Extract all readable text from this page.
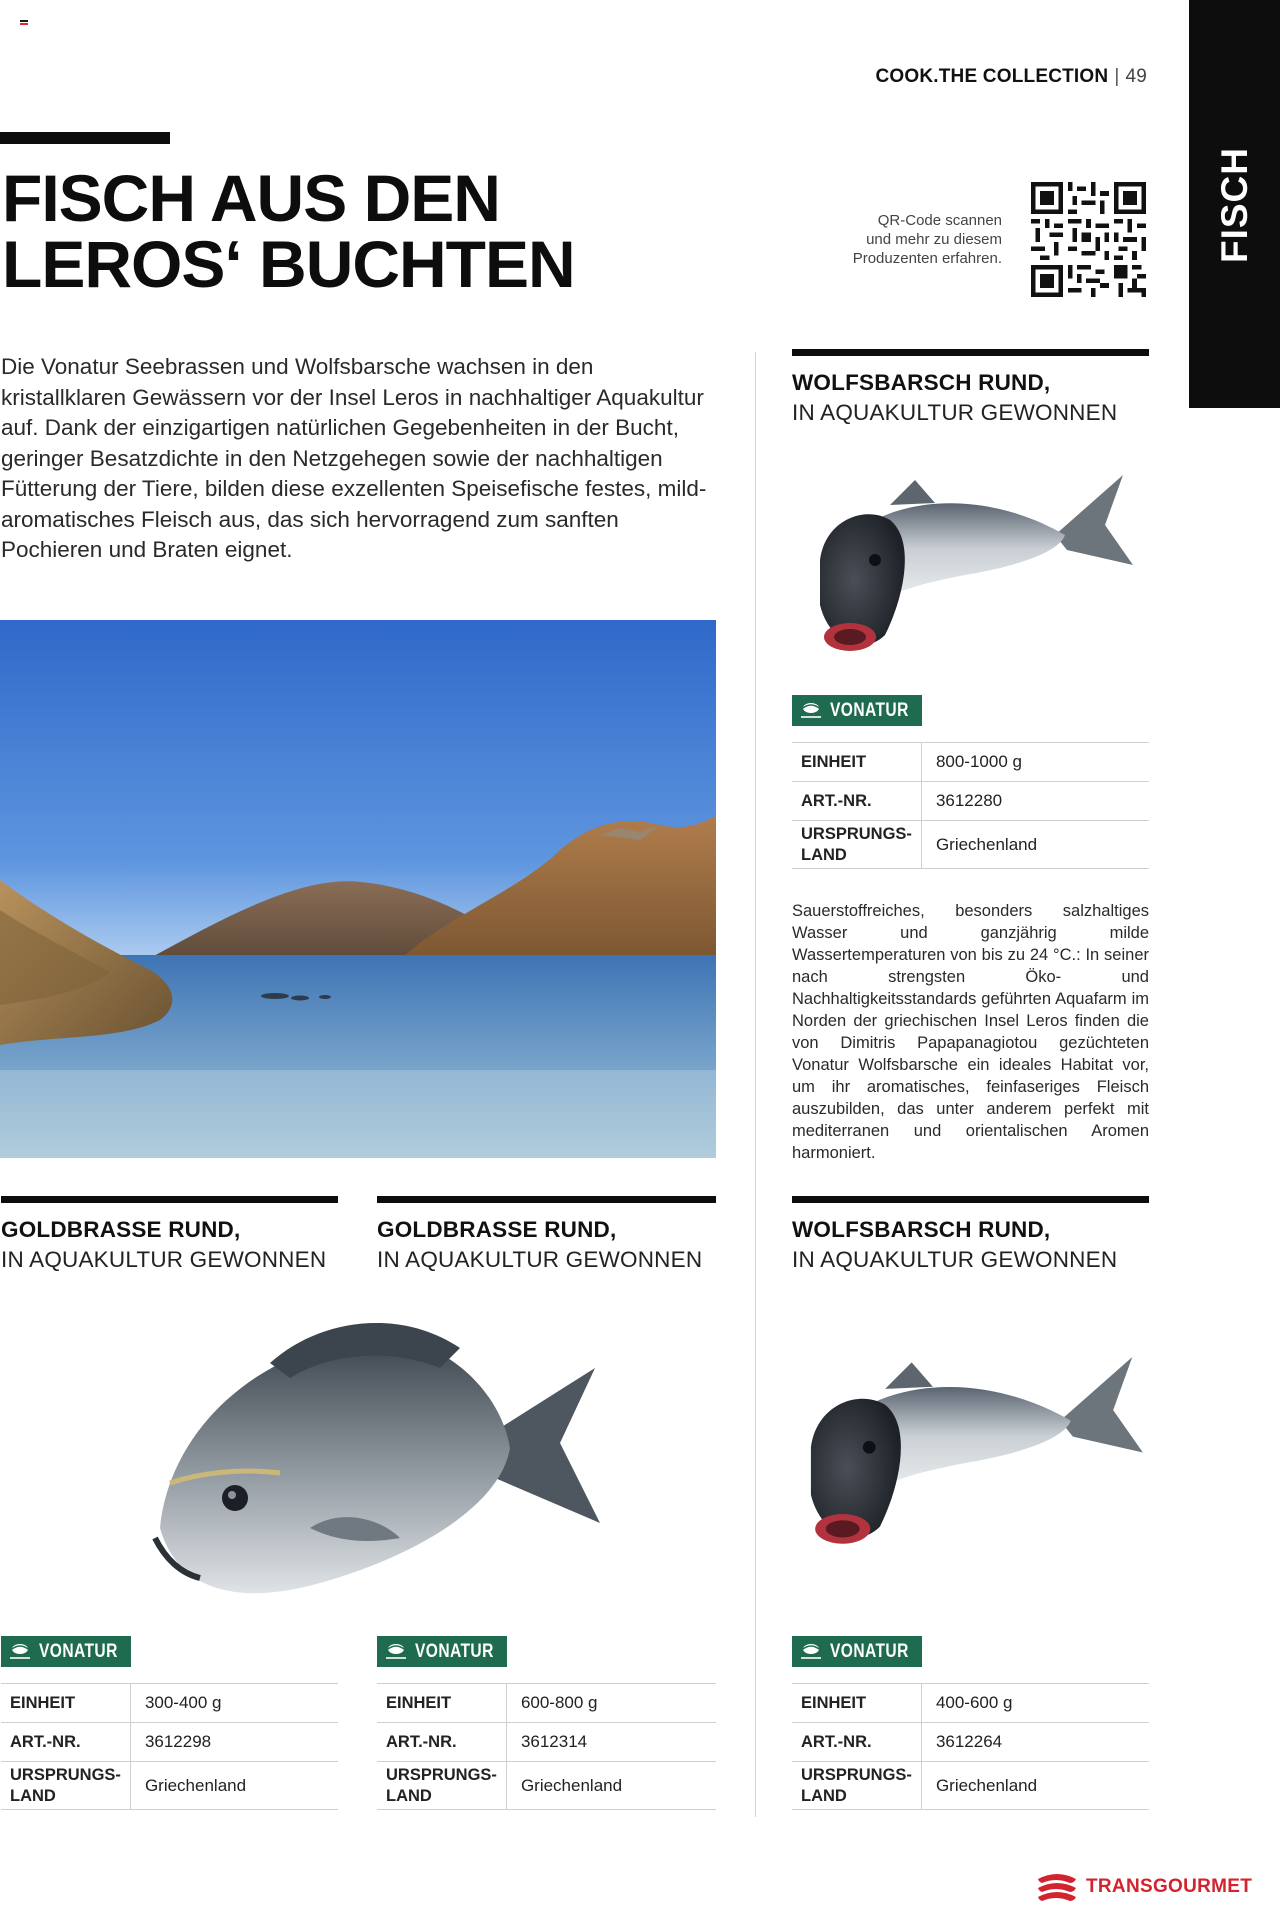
COOK.THE COLLECTION | 49
FISCH
FISCH AUS DEN
LEROS‘ BUCHTEN
QR-Code scannen
und mehr zu diesem
Produzenten erfahren.

Die Vonatur Seebrassen und Wolfsbarsche wachsen in den kristallklaren Gewässern vor der Insel Leros in nachhaltiger Aquakultur auf. Dank der einzigartigen natürlichen Gegebenheiten in der Bucht, geringer Besatzdichte in den Netzgehegen sowie der nachhaltigen Fütterung der Tiere, bilden diese exzellenten Speisefische festes, mild-aromatisches Fleisch aus, das sich hervorragend zum sanften Pochieren und Braten eignet.

WOLFSBARSCH RUND,
IN AQUAKULTUR GEWONNEN
VONATUR
EINHEIT	800-1000 g
ART.-NR.	3612280
URSPRUNGS-
LAND	Griechenland

Sauerstoffreiches, besonders salzhaltiges Wasser und ganzjährig milde Wassertemperaturen von bis zu 24 °C.: In seiner nach strengsten Öko- und Nachhaltigkeitsstandards geführten Aquafarm im Norden der griechischen Insel Leros finden die von Dimitris Papapanagiotou gezüchteten Vonatur Wolfsbarsche ein ideales Habitat vor, um ihr aromatisches, feinfaseriges Fleisch auszubilden, das unter anderem perfekt mit mediterranen und orientalischen Aromen harmoniert.

GOLDBRASSE RUND,
IN AQUAKULTUR GEWONNEN
VONATUR
EINHEIT	300-400 g
ART.-NR.	3612298
URSPRUNGS-
LAND	Griechenland
GOLDBRASSE RUND,
IN AQUAKULTUR GEWONNEN
VONATUR
EINHEIT	600-800 g
ART.-NR.	3612314
URSPRUNGS-
LAND	Griechenland
WOLFSBARSCH RUND,
IN AQUAKULTUR GEWONNEN
VONATUR
EINHEIT	400-600 g
ART.-NR.	3612264
URSPRUNGS-
LAND	Griechenland
TRANSGOURMET
